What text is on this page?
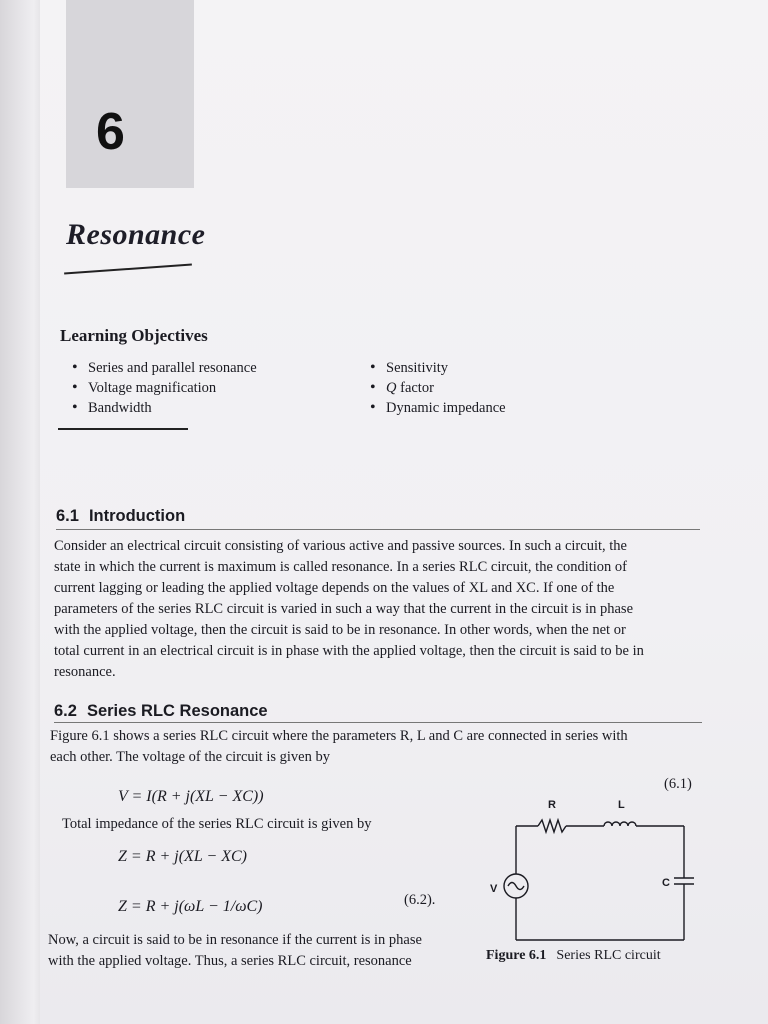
6
Resonance
Learning Objectives
• Series and parallel resonance
• Voltage magnification
• Bandwidth
• Sensitivity
• Q factor
• Dynamic impedance
6.1 Introduction
Consider an electrical circuit consisting of various active and passive sources. In such a circuit, the
state in which the current is maximum is called resonance. In a series RLC circuit, the condition of
current lagging or leading the applied voltage depends on the values of XL and XC. If one of the
parameters of the series RLC circuit is varied in such a way that the current in the circuit is in phase
with the applied voltage, then the circuit is said to be in resonance. In other words, when the net or
total current in an electrical circuit is in phase with the applied voltage, then the circuit is said to be in
resonance.
6.2 Series RLC Resonance
Figure 6.1 shows a series RLC circuit where the parameters R, L and C are connected in series with
each other. The voltage of the circuit is given by
V = I(R + j(XL − XC))
(6.1)
Total impedance of the series RLC circuit is given by
Z = R + j(XL − XC)
Z = R + j(ωL − 1/ωC)	(6.2).
Now, a circuit is said to be in resonance if the current is in phase
with the applied voltage. Thus, a series RLC circuit, resonance
R	L
C
V
Figure 6.1 Series RLC circuit
